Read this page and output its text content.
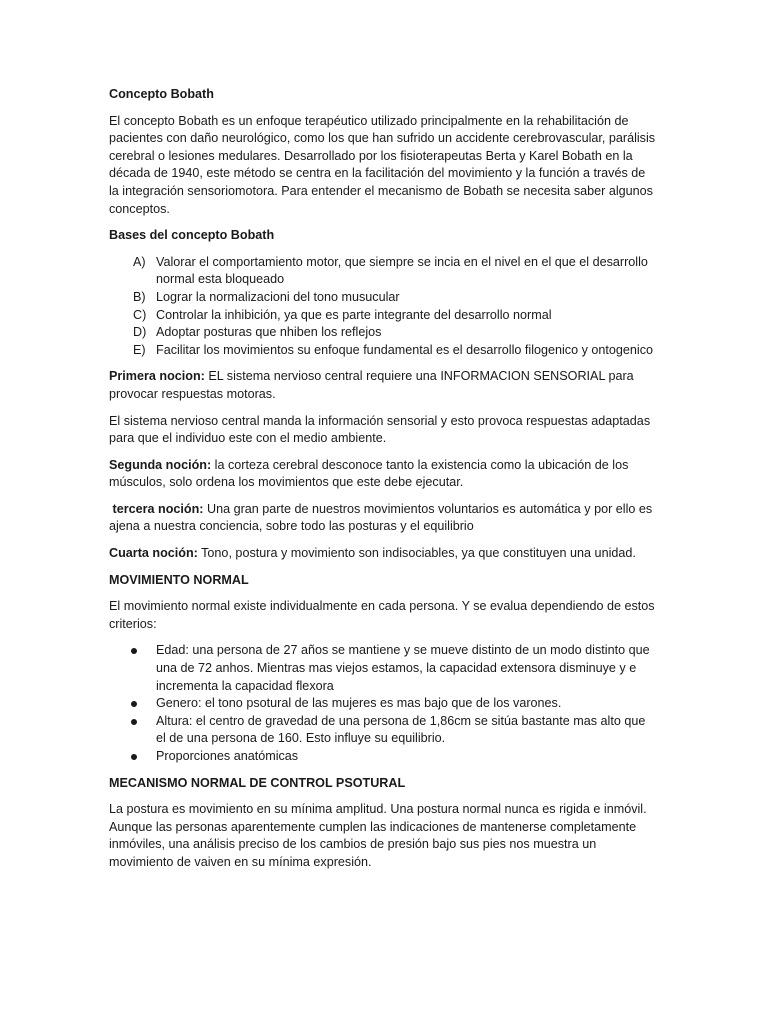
Concepto Bobath

El concepto Bobath es un enfoque terapéutico utilizado principalmente en la rehabilitación de pacientes con daño neurológico, como los que han sufrido un accidente cerebrovascular, parálisis cerebral o lesiones medulares. Desarrollado por los fisioterapeutas Berta y Karel Bobath en la década de 1940, este método se centra en la facilitación del movimiento y la función a través de la integración sensoriomotora. Para entender el mecanismo de Bobath se necesita saber algunos conceptos.

Bases del concepto Bobath

A) Valorar el comportamiento motor, que siempre se incia en el nivel en el que el desarrollo normal esta bloqueado
B) Lograr la normalizacioni del tono musucular
C) Controlar la inhibición, ya que es parte integrante del desarrollo normal
D) Adoptar posturas que nhiben los reflejos
E) Facilitar los movimientos su enfoque fundamental es el desarrollo filogenico y ontogenico

Primera nocion: EL sistema nervioso central requiere una INFORMACION SENSORIAL para provocar respuestas motoras.

El sistema nervioso central manda la información sensorial y esto provoca respuestas adaptadas para que el individuo este con el medio ambiente.

Segunda noción: la corteza cerebral desconoce tanto la existencia como la ubicación de los músculos, solo ordena los movimientos que este debe ejecutar.

tercera noción: Una gran parte de nuestros movimientos voluntarios es automática y por ello es ajena a nuestra conciencia, sobre todo las posturas y el equilibrio

Cuarta noción: Tono, postura y movimiento son indisociables, ya que constituyen una unidad.

MOVIMIENTO NORMAL

El movimiento normal existe individualmente en cada persona. Y se evalua dependiendo de estos criterios:

Edad: una persona de 27 años se mantiene y se mueve distinto de un modo distinto que una de 72 anhos. Mientras mas viejos estamos, la capacidad extensora disminuye y e incrementa la capacidad flexora
Genero: el tono psotural de las mujeres es mas bajo que de los varones.
Altura: el centro de gravedad de una persona de 1,86cm se sitúa bastante mas alto que el de una persona de 160. Esto influye su equilibrio.
Proporciones anatómicas

MECANISMO NORMAL DE CONTROL PSOTURAL

La postura es movimiento en su mínima amplitud. Una postura normal nunca es rigida e inmóvil. Aunque las personas aparentemente cumplen las indicaciones de mantenerse completamente inmóviles, una análisis preciso de los cambios de presión bajo sus pies nos muestra un movimiento de vaiven en su mínima expresión.
